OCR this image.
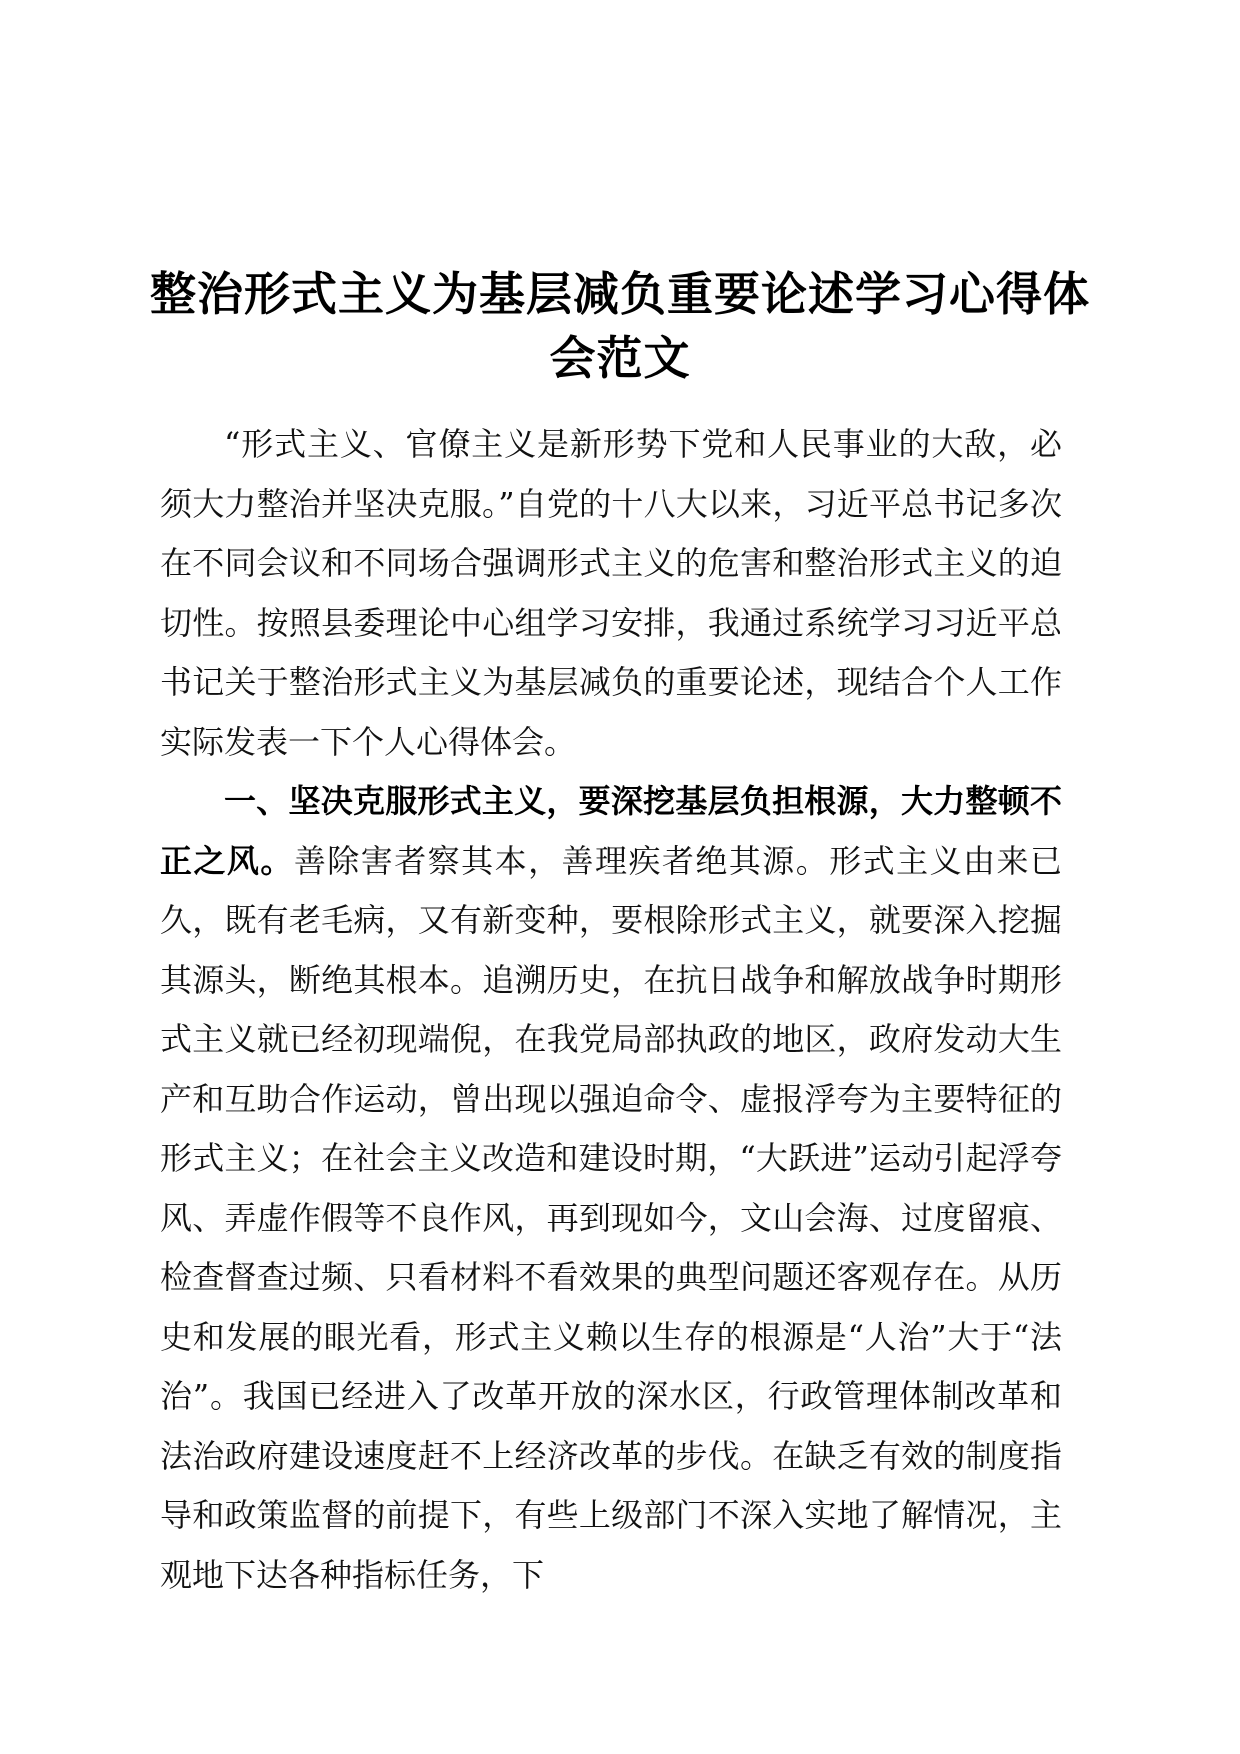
整治形式主义为基层减负重要论述学习心得体会范文

“形式主义、官僚主义是新形势下党和人民事业的大敌，必须大力整治并坚决克服。”自党的十八大以来，习近平总书记多次在不同会议和不同场合强调形式主义的危害和整治形式主义的迫切性。按照县委理论中心组学习安排，我通过系统学习习近平总书记关于整治形式主义为基层减负的重要论述，现结合个人工作实际发表一下个人心得体会。

一、坚决克服形式主义，要深挖基层负担根源，大力整顿不正之风。善除害者察其本，善理疾者绝其源。形式主义由来已久，既有老毛病，又有新变种，要根除形式主义，就要深入挖掘其源头，断绝其根本。追溯历史，在抗日战争和解放战争时期形式主义就已经初现端倪，在我党局部执政的地区，政府发动大生产和互助合作运动，曾出现以强迫命令、虚报浮夸为主要特征的形式主义；在社会主义改造和建设时期，“大跃进”运动引起浮夸风、弄虚作假等不良作风，再到现如今，文山会海、过度留痕、检查督查过频、只看材料不看效果的典型问题还客观存在。从历史和发展的眼光看，形式主义赖以生存的根源是“人治”大于“法治”。我国已经进入了改革开放的深水区，行政管理体制改革和法治政府建设速度赶不上经济改革的步伐。在缺乏有效的制度指导和政策监督的前提下，有些上级部门不深入实地了解情况，主观地下达各种指标任务，下
